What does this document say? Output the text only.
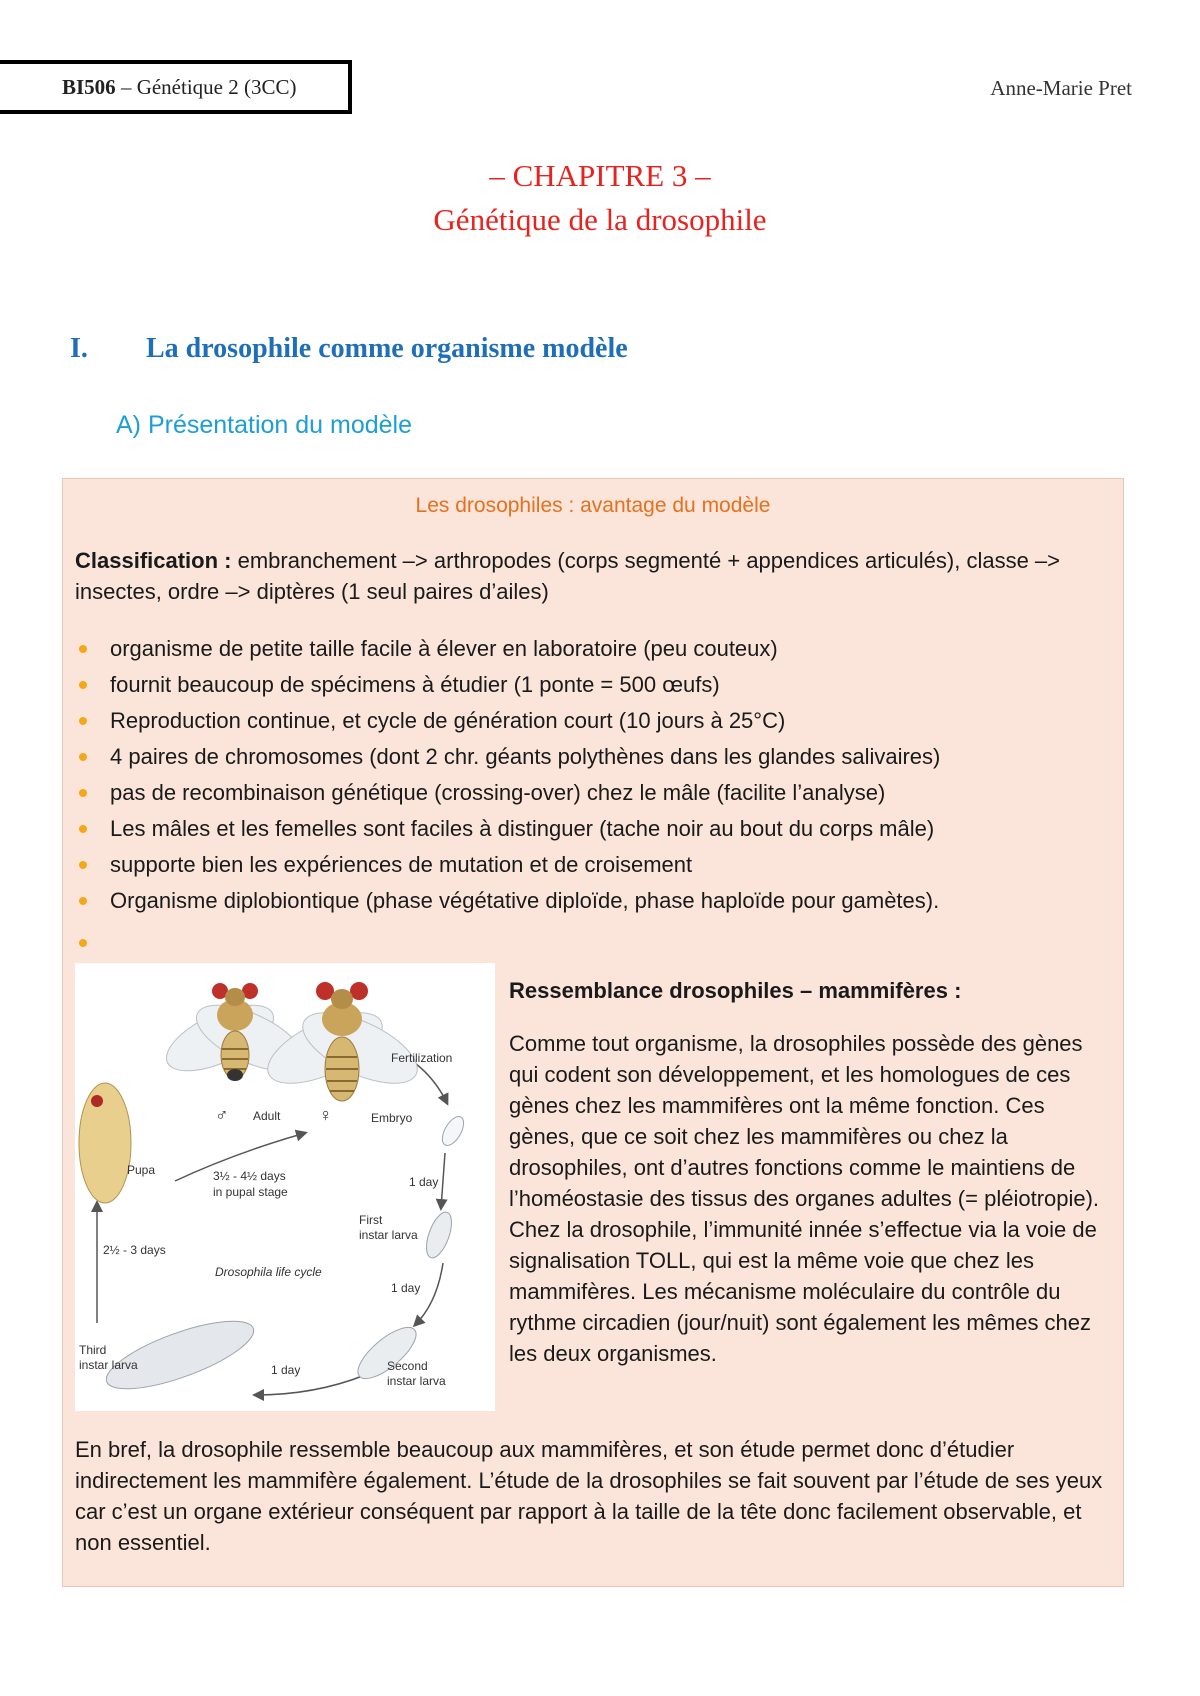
BI506 – Génétique 2 (3CC)	Anne-Marie Pret
– CHAPITRE 3 –
Génétique de la drosophile
I. La drosophile comme organisme modèle
A) Présentation du modèle
Les drosophiles : avantage du modèle
Classification : embranchement –> arthropodes (corps segmenté + appendices articulés), classe –> insectes, ordre –> diptères (1 seul paires d’ailes)
organisme de petite taille facile à élever en laboratoire (peu couteux)
fournit beaucoup de spécimens à étudier (1 ponte = 500 œufs)
Reproduction continue, et cycle de génération court (10 jours à 25°C)
4 paires de chromosomes (dont 2 chr. géants polythènes dans les glandes salivaires)
pas de recombinaison génétique (crossing-over) chez le mâle (facilite l’analyse)
Les mâles et les femelles sont faciles à distinguer (tache noir au bout du corps mâle)
supporte bien les expériences de mutation et de croisement
Organisme diplobiontique (phase végétative diploïde, phase haploïde pour gamètes).
Fertilization
♂ Adult ♀	Embryo
Pupa	3½ - 4½ days
in pupal stage
1 day
First
instar larva
2½ - 3 days
Drosophila life cycle
1 day
Third
instar larva	1 day	Second
instar larva
Ressemblance drosophiles – mammifères :
Comme tout organisme, la drosophiles possède des gènes qui codent son développement, et les homologues de ces gènes chez les mammifères ont la même fonction. Ces gènes, que ce soit chez les mammifères ou chez la drosophiles, ont d’autres fonctions comme le maintiens de l’homéostasie des tissus des organes adultes (= pléiotropie). Chez la drosophile, l’immunité innée s’effectue via la voie de signalisation TOLL, qui est la même voie que chez les mammifères. Les mécanisme moléculaire du contrôle du rythme circadien (jour/nuit) sont également les mêmes chez les deux organismes.
En bref, la drosophile ressemble beaucoup aux mammifères, et son étude permet donc d’étudier indirectement les mammifère également. L’étude de la drosophiles se fait souvent par l’étude de ses yeux car c’est un organe extérieur conséquent par rapport à la taille de la tête donc facilement observable, et non essentiel.
